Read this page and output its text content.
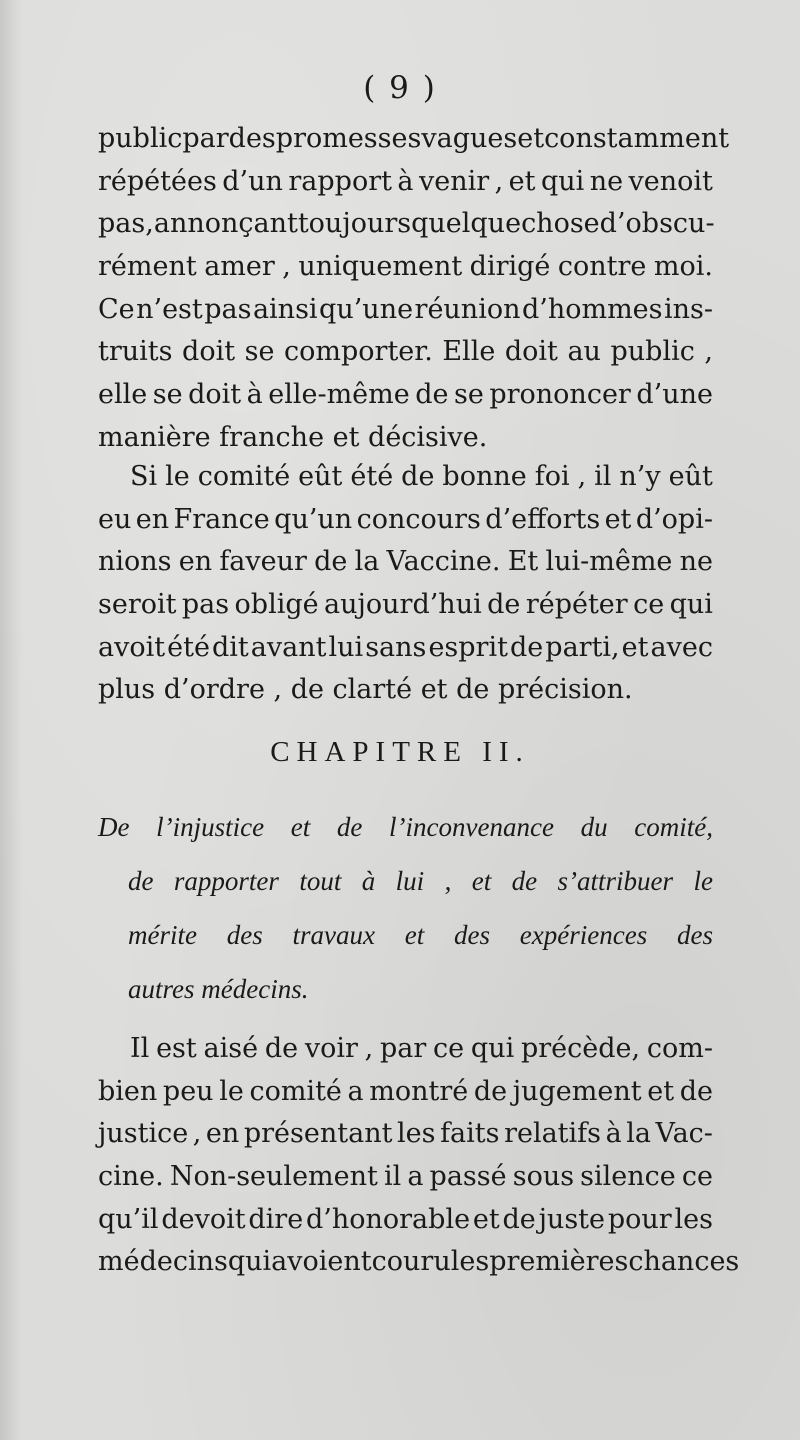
( 9 )
public par des promesses vagues et constamment
répétées d’un rapport à venir , et qui ne venoit
pas , annonçant toujours quelque chose d’obscu-
rément amer , uniquement dirigé contre moi.
Ce n’est pas ainsi qu’une réunion d’hommes ins-
truits doit se comporter. Elle doit au public ,
elle se doit à elle-même de se prononcer d’une
manière franche et décisive.
Si le comité eût été de bonne foi , il n’y eût
eu en France qu’un concours d’efforts et d’opi-
nions en faveur de la Vaccine. Et lui-même ne
seroit pas obligé aujourd’hui de répéter ce qui
avoit été dit avant lui sans esprit de parti, et avec
plus d’ordre , de clarté et de précision.
CHAPITRE II.
De l’injustice et de l’inconvenance du comité,
de rapporter tout à lui , et de s’attribuer le
mérite des travaux et des expériences des
autres médecins.
Il est aisé de voir , par ce qui précède, com-
bien peu le comité a montré de jugement et de
justice , en présentant les faits relatifs à la Vac-
cine. Non-seulement il a passé sous silence ce
qu’il devoit dire d’honorable et de juste pour les
médecins qui avoient couru les premières chances
